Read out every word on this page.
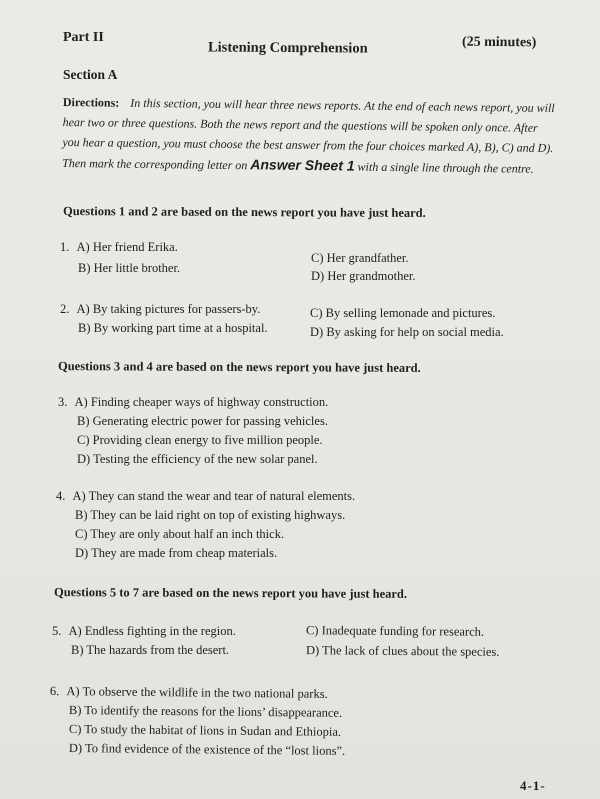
Part II
Listening Comprehension	(25 minutes)
Section A
Directions: In this section, you will hear three news reports. At the end of each news report, you will hear two or three questions. Both the news report and the questions will be spoken only once. After you hear a question, you must choose the best answer from the four choices marked A), B), C) and D). Then mark the corresponding letter on Answer Sheet 1 with a single line through the centre.
Questions 1 and 2 are based on the news report you have just heard.
1. A) Her friend Erika.
B) Her little brother.
C) Her grandfather.
D) Her grandmother.
2. A) By taking pictures for passers-by.
B) By working part time at a hospital.
C) By selling lemonade and pictures.
D) By asking for help on social media.
Questions 3 and 4 are based on the news report you have just heard.
3. A) Finding cheaper ways of highway construction.
B) Generating electric power for passing vehicles.
C) Providing clean energy to five million people.
D) Testing the efficiency of the new solar panel.
4. A) They can stand the wear and tear of natural elements.
B) They can be laid right on top of existing highways.
C) They are only about half an inch thick.
D) They are made from cheap materials.
Questions 5 to 7 are based on the news report you have just heard.
5. A) Endless fighting in the region.
B) The hazards from the desert.
C) Inadequate funding for research.
D) The lack of clues about the species.
6. A) To observe the wildlife in the two national parks.
B) To identify the reasons for the lions’ disappearance.
C) To study the habitat of lions in Sudan and Ethiopia.
D) To find evidence of the existence of the “lost lions”.
4-1-
